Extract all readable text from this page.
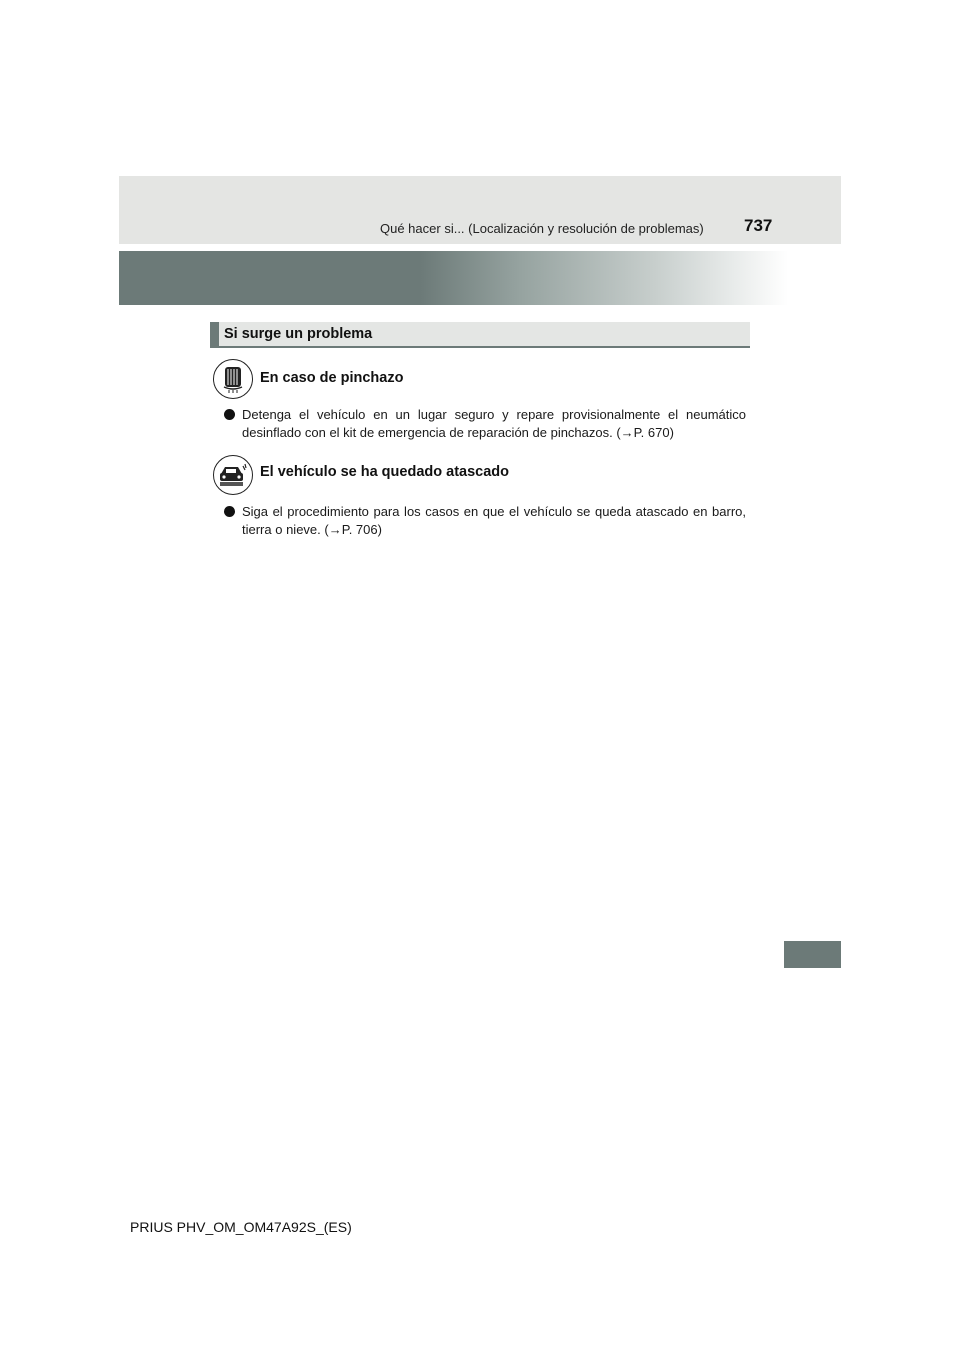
Qué hacer si... (Localización y resolución de problemas) 737
Si surge un problema
En caso de pinchazo
Detenga el vehículo en un lugar seguro y repare provisionalmente el neumático desinflado con el kit de emergencia de reparación de pinchazos. (→P. 670)
El vehículo se ha quedado atascado
Siga el procedimiento para los casos en que el vehículo se queda atascado en barro, tierra o nieve. (→P. 706)
PRIUS PHV_OM_OM47A92S_(ES)
